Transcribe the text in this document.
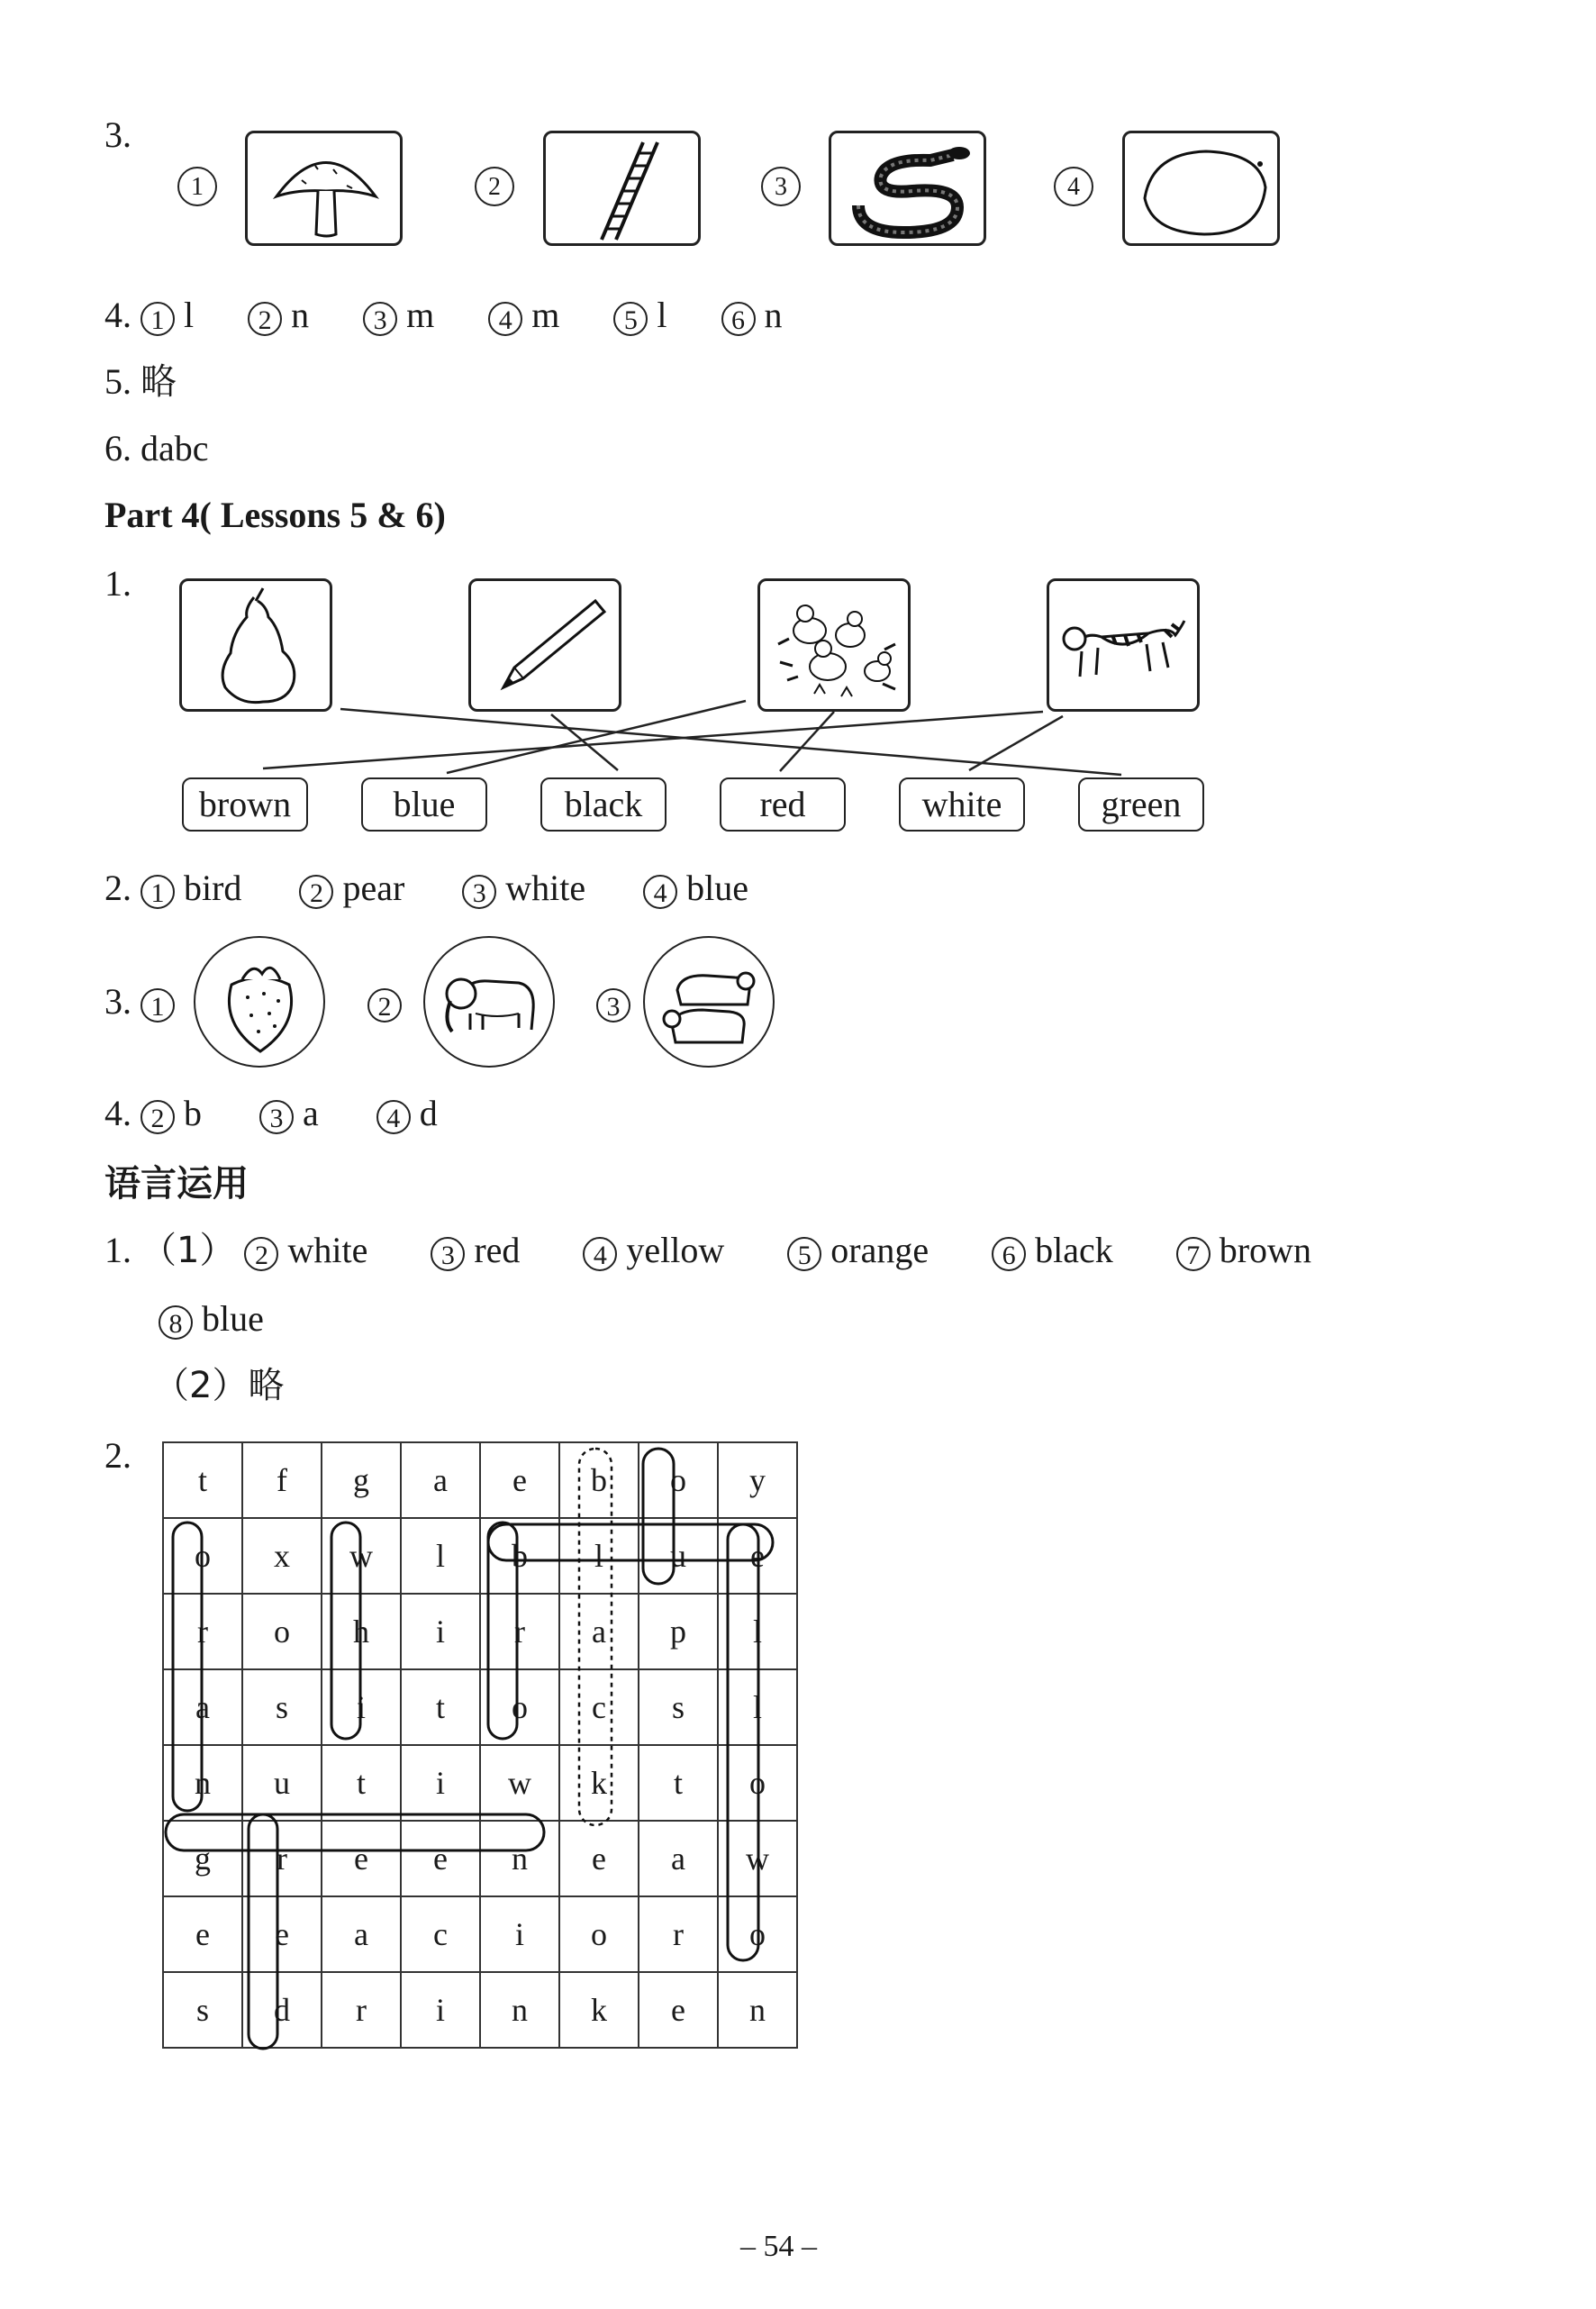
3.
1	2	3	4
4. 1 l 2 n 3 m 4 m 5 l 6 n
5. 略
6. dabc
Part 4( Lessons 5 & 6)
1.
brown	blue	black	red	white	green
2. 1 bird	2 pear	3 white	4 blue
3. 1	2	3
4. 2 b	3 a	4 d
语言运用
1. （1） 2 white	3 red	4 yellow	5 orange	6 black	7 brown
8 blue
（2）略
2.
t	f	g	a	e	b	o	y
o	x	w	l	b	l	u	e
r	o	h	i	r	a	p	l
a	s	i	t	o	c	s	l
n	u	t	i	w	k	t	o
g	r	e	e	n	e	a	w
e	e	a	c	i	o	r	o
s	d	r	i	n	k	e	n
– 54 –
